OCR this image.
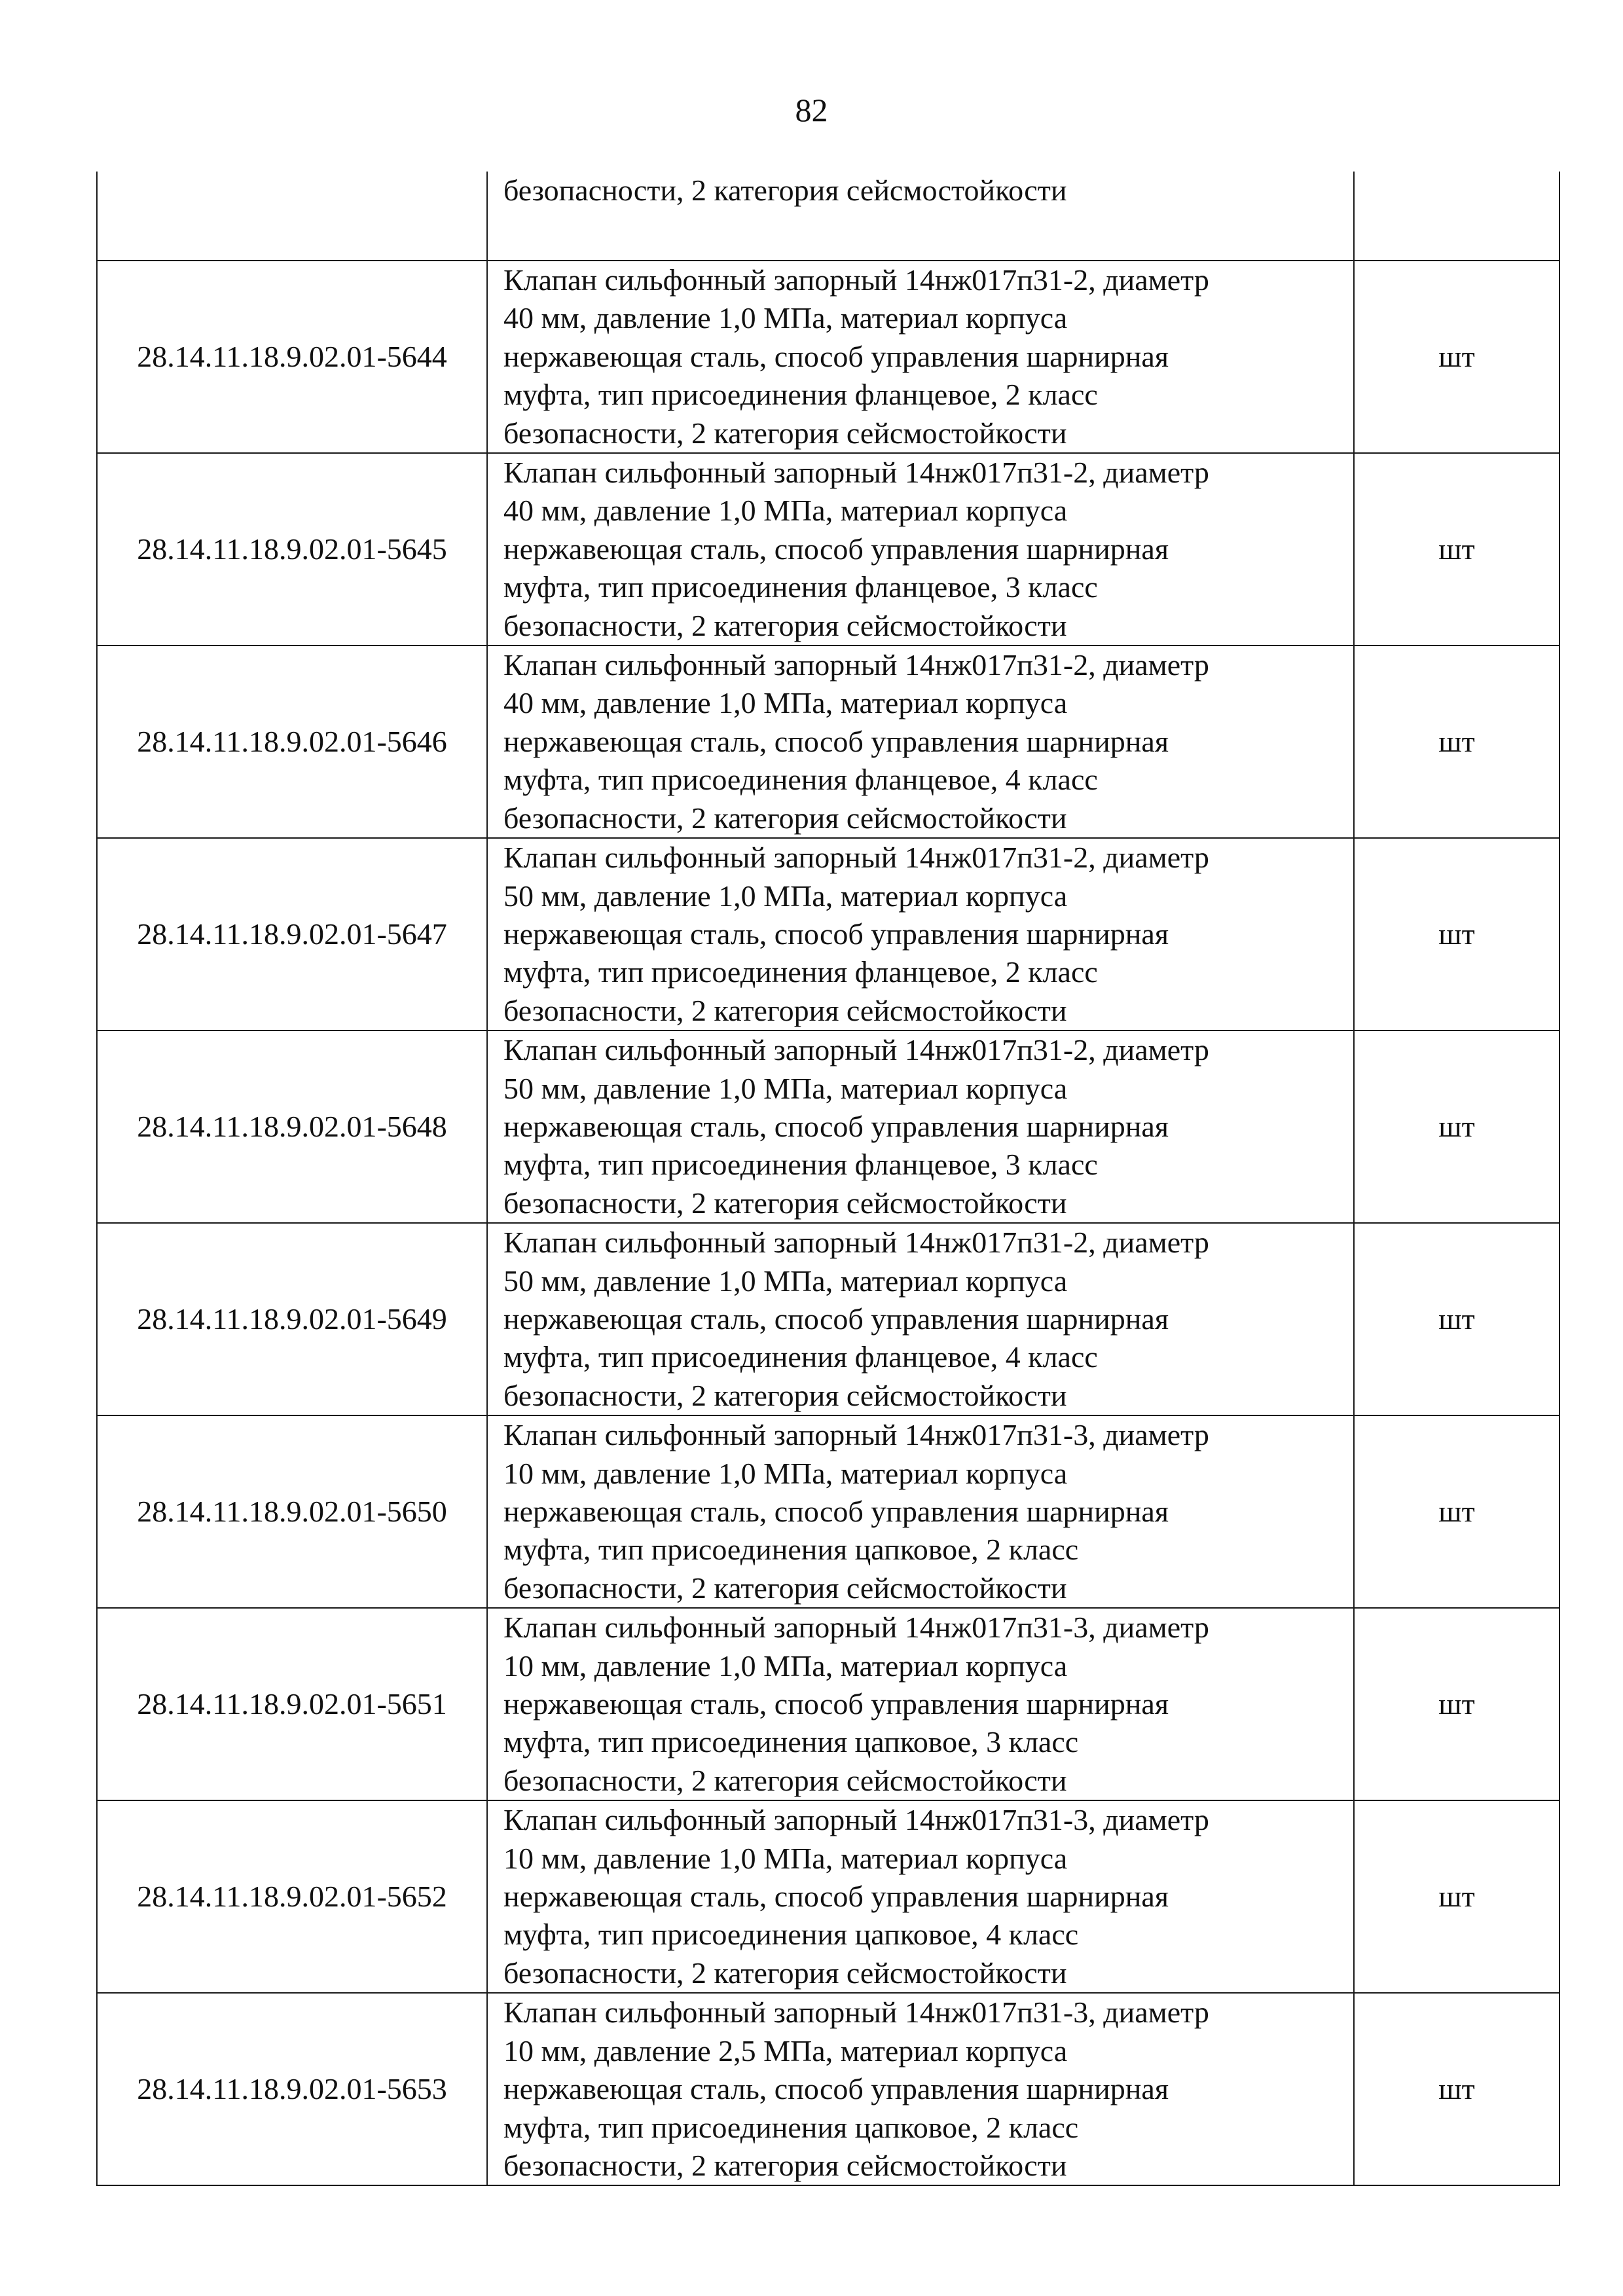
82
	безопасности, 2 категория сейсмостойкости	
28.14.11.18.9.02.01-5644	Клапан сильфонный запорный 14нж017п31-2, диаметр
40 мм, давление 1,0 МПа, материал корпуса
нержавеющая сталь, способ управления шарнирная
муфта, тип присоединения фланцевое, 2 класс
безопасности, 2 категория сейсмостойкости	шт
28.14.11.18.9.02.01-5645	Клапан сильфонный запорный 14нж017п31-2, диаметр
40 мм, давление 1,0 МПа, материал корпуса
нержавеющая сталь, способ управления шарнирная
муфта, тип присоединения фланцевое, 3 класс
безопасности, 2 категория сейсмостойкости	шт
28.14.11.18.9.02.01-5646	Клапан сильфонный запорный 14нж017п31-2, диаметр
40 мм, давление 1,0 МПа, материал корпуса
нержавеющая сталь, способ управления шарнирная
муфта, тип присоединения фланцевое, 4 класс
безопасности, 2 категория сейсмостойкости	шт
28.14.11.18.9.02.01-5647	Клапан сильфонный запорный 14нж017п31-2, диаметр
50 мм, давление 1,0 МПа, материал корпуса
нержавеющая сталь, способ управления шарнирная
муфта, тип присоединения фланцевое, 2 класс
безопасности, 2 категория сейсмостойкости	шт
28.14.11.18.9.02.01-5648	Клапан сильфонный запорный 14нж017п31-2, диаметр
50 мм, давление 1,0 МПа, материал корпуса
нержавеющая сталь, способ управления шарнирная
муфта, тип присоединения фланцевое, 3 класс
безопасности, 2 категория сейсмостойкости	шт
28.14.11.18.9.02.01-5649	Клапан сильфонный запорный 14нж017п31-2, диаметр
50 мм, давление 1,0 МПа, материал корпуса
нержавеющая сталь, способ управления шарнирная
муфта, тип присоединения фланцевое, 4 класс
безопасности, 2 категория сейсмостойкости	шт
28.14.11.18.9.02.01-5650	Клапан сильфонный запорный 14нж017п31-3, диаметр
10 мм, давление 1,0 МПа, материал корпуса
нержавеющая сталь, способ управления шарнирная
муфта, тип присоединения цапковое, 2 класс
безопасности, 2 категория сейсмостойкости	шт
28.14.11.18.9.02.01-5651	Клапан сильфонный запорный 14нж017п31-3, диаметр
10 мм, давление 1,0 МПа, материал корпуса
нержавеющая сталь, способ управления шарнирная
муфта, тип присоединения цапковое, 3 класс
безопасности, 2 категория сейсмостойкости	шт
28.14.11.18.9.02.01-5652	Клапан сильфонный запорный 14нж017п31-3, диаметр
10 мм, давление 1,0 МПа, материал корпуса
нержавеющая сталь, способ управления шарнирная
муфта, тип присоединения цапковое, 4 класс
безопасности, 2 категория сейсмостойкости	шт
28.14.11.18.9.02.01-5653	Клапан сильфонный запорный 14нж017п31-3, диаметр
10 мм, давление 2,5 МПа, материал корпуса
нержавеющая сталь, способ управления шарнирная
муфта, тип присоединения цапковое, 2 класс
безопасности, 2 категория сейсмостойкости	шт
